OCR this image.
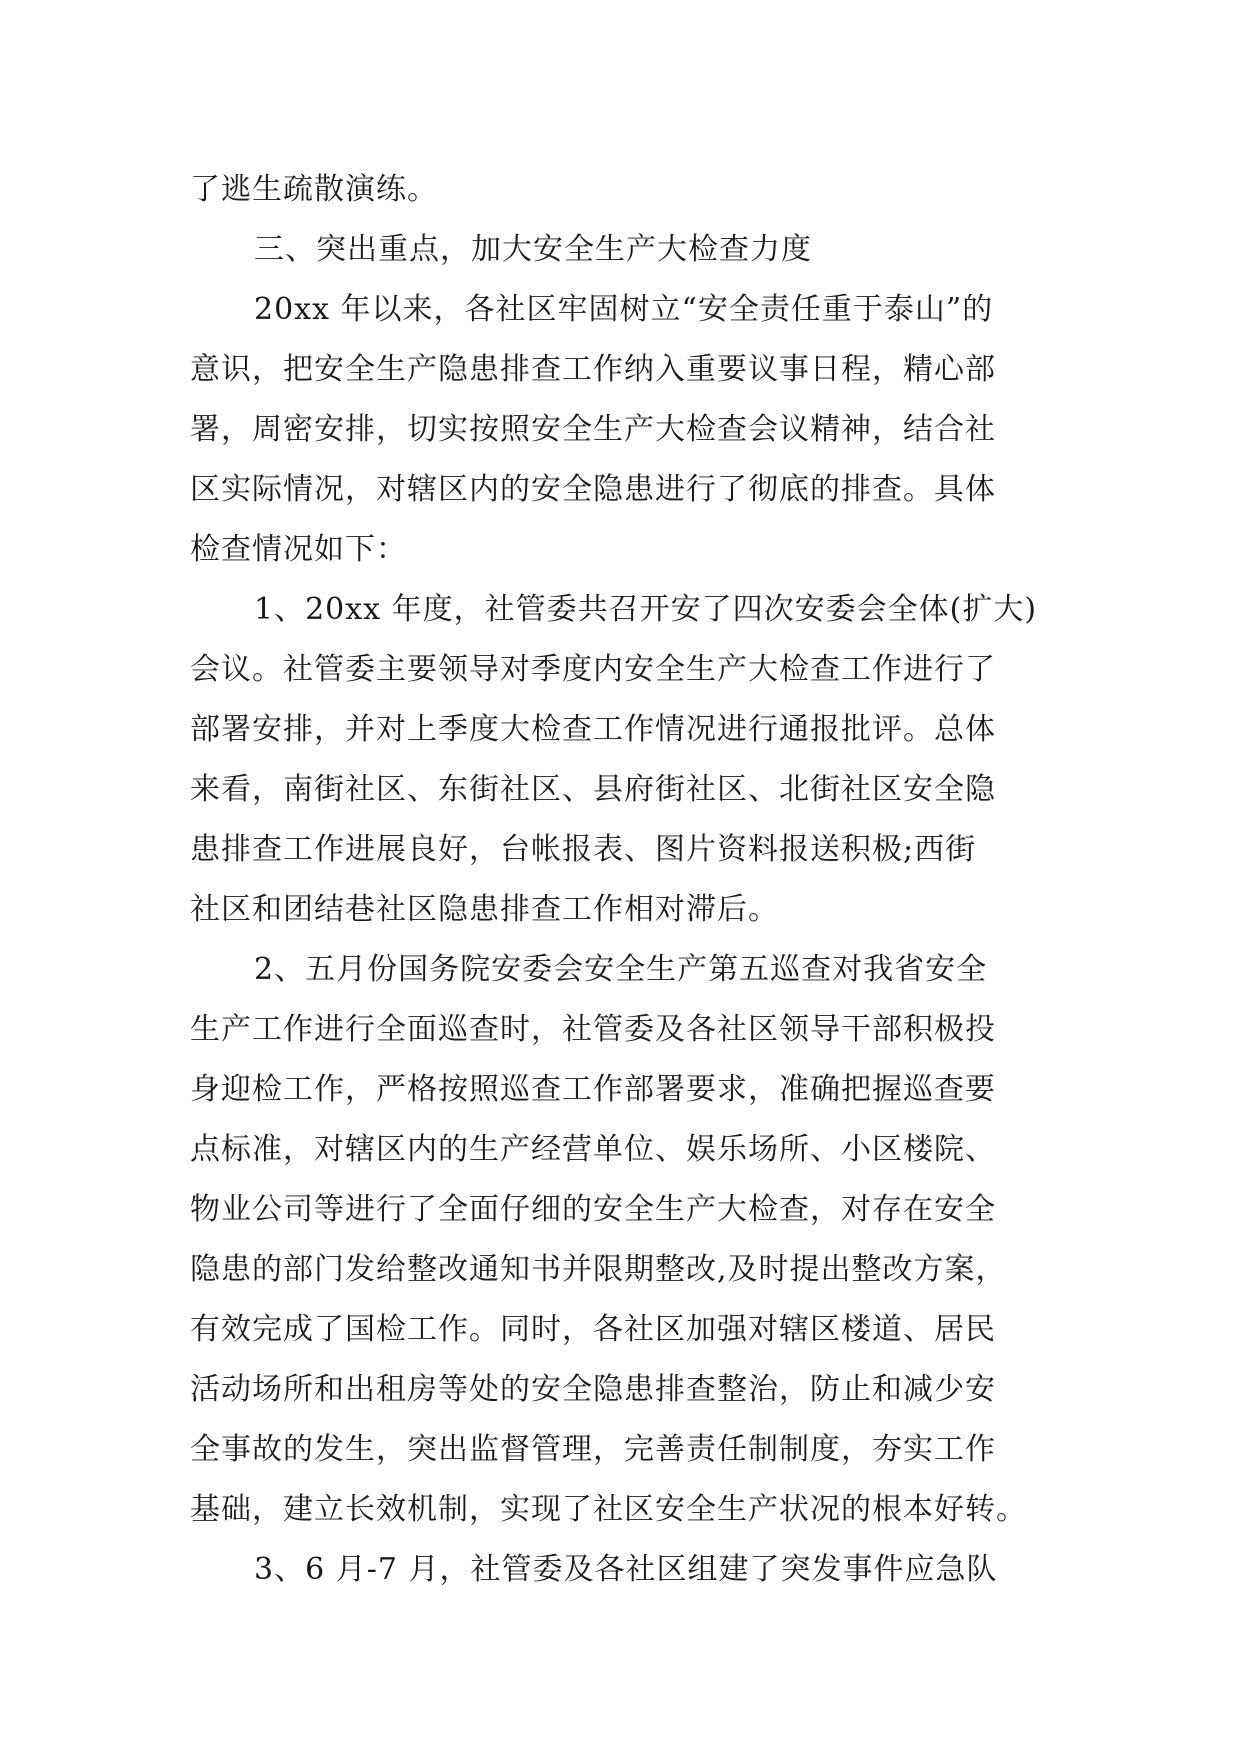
了逃生疏散演练。
三、突出重点，加大安全生产大检查力度
20xx 年以来，各社区牢固树立“安全责任重于泰山”的
意识，把安全生产隐患排查工作纳入重要议事日程，精心部
署，周密安排，切实按照安全生产大检查会议精神，结合社
区实际情况，对辖区内的安全隐患进行了彻底的排查。具体
检查情况如下：
1、20xx 年度，社管委共召开安了四次安委会全体(扩大)
会议。社管委主要领导对季度内安全生产大检查工作进行了
部署安排，并对上季度大检查工作情况进行通报批评。总体
来看，南街社区、东街社区、县府街社区、北街社区安全隐
患排查工作进展良好，台帐报表、图片资料报送积极;西街
社区和团结巷社区隐患排查工作相对滞后。
2、五月份国务院安委会安全生产第五巡查对我省安全
生产工作进行全面巡查时，社管委及各社区领导干部积极投
身迎检工作，严格按照巡查工作部署要求，准确把握巡查要
点标准，对辖区内的生产经营单位、娱乐场所、小区楼院、
物业公司等进行了全面仔细的安全生产大检查，对存在安全
隐患的部门发给整改通知书并限期整改,及时提出整改方案，
有效完成了国检工作。同时，各社区加强对辖区楼道、居民
活动场所和出租房等处的安全隐患排查整治，防止和减少安
全事故的发生，突出监督管理，完善责任制制度，夯实工作
基础，建立长效机制，实现了社区安全生产状况的根本好转。
3、6 月-7 月，社管委及各社区组建了突发事件应急队
